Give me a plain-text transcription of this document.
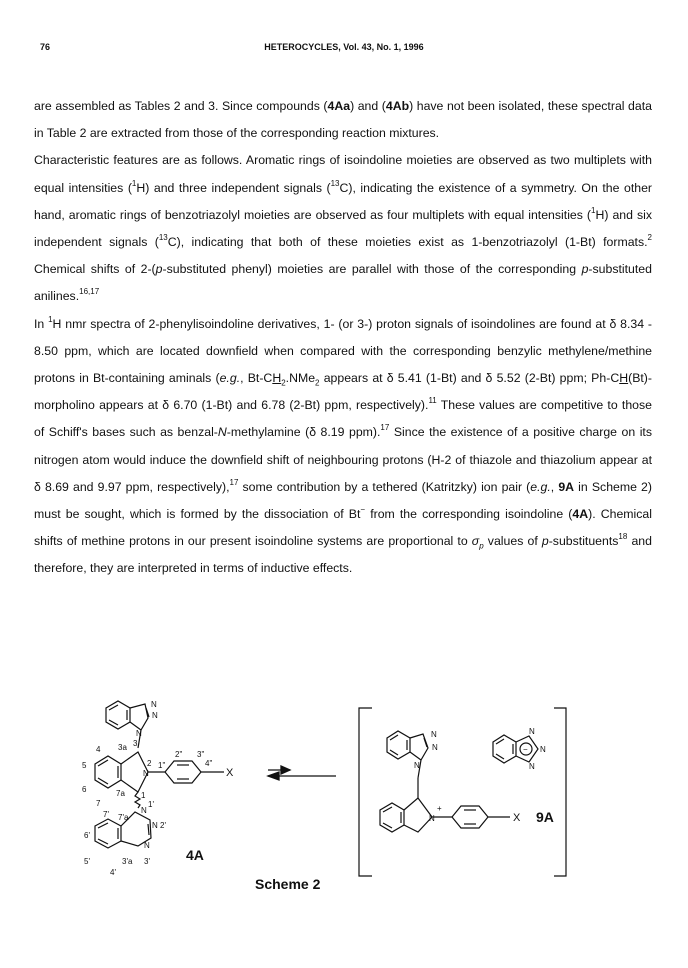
76	HETEROCYCLES, Vol. 43, No. 1, 1996

are assembled as Tables 2 and 3. Since compounds (4Aa) and (4Ab) have not been isolated, these spectral data in Table 2 are extracted from those of the corresponding reaction mixtures.

Characteristic features are as follows. Aromatic rings of isoindoline moieties are observed as two multiplets with equal intensities ($^1$H) and three independent signals ($^{13}$C), indicating the existence of a symmetry. On the other hand, aromatic rings of benzotriazolyl moieties are observed as four multiplets with equal intensities ($^1$H) and six independent signals ($^{13}$C), indicating that both of these moieties exist as 1-benzotriazolyl (1-Bt) formats.$^2$ Chemical shifts of 2-(p-substituted phenyl) moieties are parallel with those of the corresponding p-substituted anilines.$^{16,17}$

In $^1$H nmr spectra of 2-phenylisoindoline derivatives, 1- (or 3-) proton signals of isoindolines are found at δ 8.34 - 8.50 ppm, which are located downfield when compared with the corresponding benzylic methylene/methine protons in Bt-containing aminals (e.g., $Bt-CH_2.NMe_2$ appears at δ 5.41 (1-Bt) and δ 5.52 (2-Bt) ppm; Ph-CH(Bt)-morpholino appears at δ 6.70 (1-Bt) and 6.78 (2-Bt) ppm, respectively).$^{11}$ These values are competitive to those of Schiff's bases such as benzal-N-methylamine (δ 8.19 ppm).$^{17}$ Since the existence of a positive charge on its nitrogen atom would induce the downfield shift of neighbouring protons (H-2 of thiazole and thiazolium appear at δ 8.69 and 9.97 ppm, respectively),$^{17}$ some contribution by a tethered (Katritzky) ion pair (e.g., 9A in Scheme 2) must be sought, which is formed by the dissociation of Bt− from the corresponding isoindoline (4A). Chemical shifts of methine protons in our present isoindoline systems are proportional to $\sigma_p$ values of p-substituents$^{18}$ and therefore, they are interpreted in terms of inductive effects.

N
N
N
4 3a 3
5
6
7
7a
2
N
1
1"
2" 3"
4"
X
N
1'
7' 7'a
N 2'
6'
N
5'	3'a 3'
4'
4A
N
N
N
N
+
X
N
N
N
−
9A
Scheme 2
